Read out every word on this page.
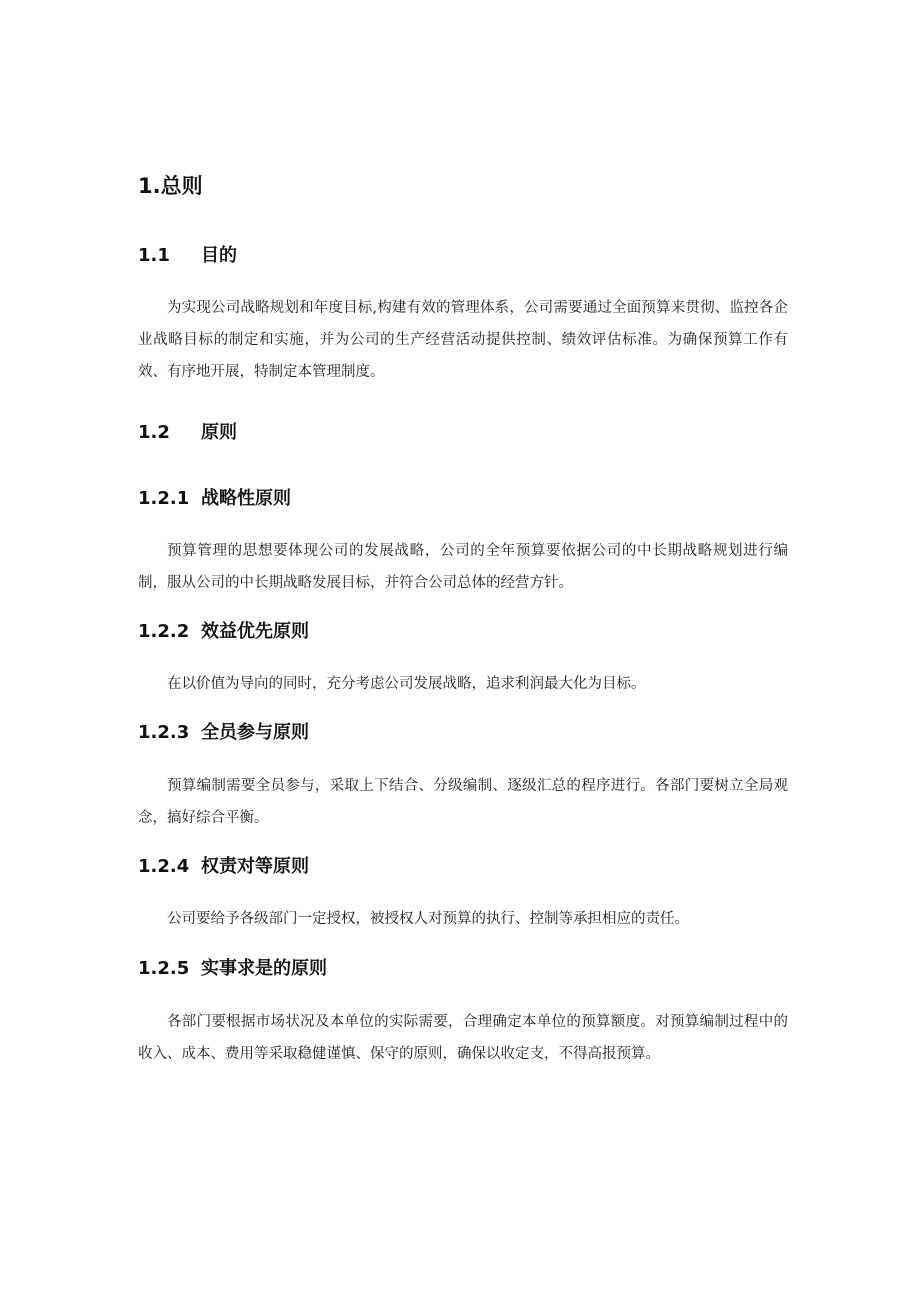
1.总则
1.1 目的

为实现公司战略规划和年度目标,构建有效的管理体系，公司需要通过全面预算来贯彻、监控各企业战略目标的制定和实施，并为公司的生产经营活动提供控制、绩效评估标准。为确保预算工作有效、有序地开展，特制定本管理制度。

1.2 原则
1.2.1 战略性原则

预算管理的思想要体现公司的发展战略，公司的全年预算要依据公司的中长期战略规划进行编制，服从公司的中长期战略发展目标，并符合公司总体的经营方针。

1.2.2 效益优先原则

在以价值为导向的同时，充分考虑公司发展战略，追求利润最大化为目标。

1.2.3 全员参与原则

预算编制需要全员参与，采取上下结合、分级编制、逐级汇总的程序进行。各部门要树立全局观念，搞好综合平衡。

1.2.4 权责对等原则

公司要给予各级部门一定授权，被授权人对预算的执行、控制等承担相应的责任。

1.2.5 实事求是的原则

各部门要根据市场状况及本单位的实际需要，合理确定本单位的预算额度。对预算编制过程中的收入、成本、费用等采取稳健谨慎、保守的原则，确保以收定支，不得高报预算。
